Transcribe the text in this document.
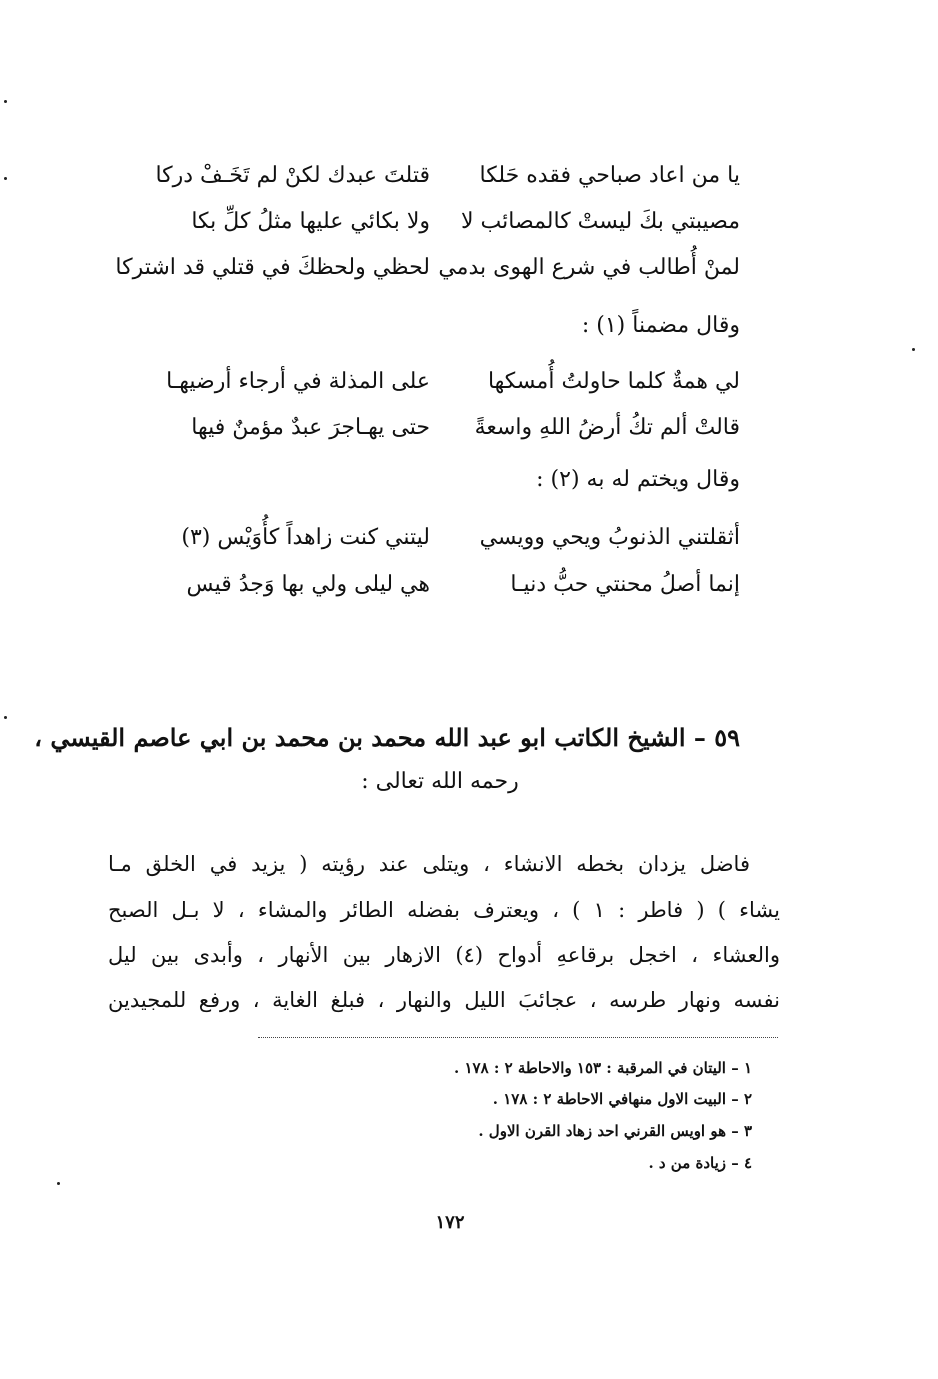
يا من اعاد صباحي فقده حَلكا
قتلتَ عبدك لكنْ لم تَخَـفْ دركا
مصيبتي بكَ ليستْ كالمصائب لا
ولا بكائي عليها مثلُ كلِّ بكا
لمنْ أُطالب في شرع الهوى بدمي
لحظي ولحظكَ في قتلي قد اشتركا
وقال مضمناً (١) :
لي همةٌ كلما حاولتُ أُمسكها
على المذلة في أرجاء أرضيهـا
قالتْ ألم تكُ أرضُ اللهِ واسعةً
حتى يهـاجرَ عبدٌ مؤمنٌ فيها
وقال ويختم له به (٢) :
أثقلتني الذنوبُ ويحي وويسي
ليتني كنت زاهداً كأُوَيْس (٣)
إنما أصلُ محنتي حبُّ دنيـا
هي ليلى ولي بها وَجدُ قيس
٥٩ – الشيخ الكاتب ابو عبد الله محمد بن محمد بن ابي عاصم القيسي ،
رحمه الله تعالى :
فاضل يزدان بخطه الانشاء ، ويتلى عند رؤيته ( يزيد في الخلق مـا
يشاء ) ( فاطر : ١ ) ، ويعترف بفضله الطائر والمشاء ، لا بـل الصبح
والعشاء ، اخجل برقاعهِ أدواح (٤) الازهار بين الأنهار ، وأبدى بين ليل
نفسه ونهار طرسه ، عجائبَ الليل والنهار ، فبلغ الغاية ، ورفع للمجيدين
١ – اليتان في المرقبة : ١٥٣ والاحاطة ٢ : ١٧٨ .
٢ – البيت الاول منهافي الاحاطة ٢ : ١٧٨ .
٣ – هو اويس القرني احد زهاد القرن الاول .
٤ – زيادة من د .
١٧٢
